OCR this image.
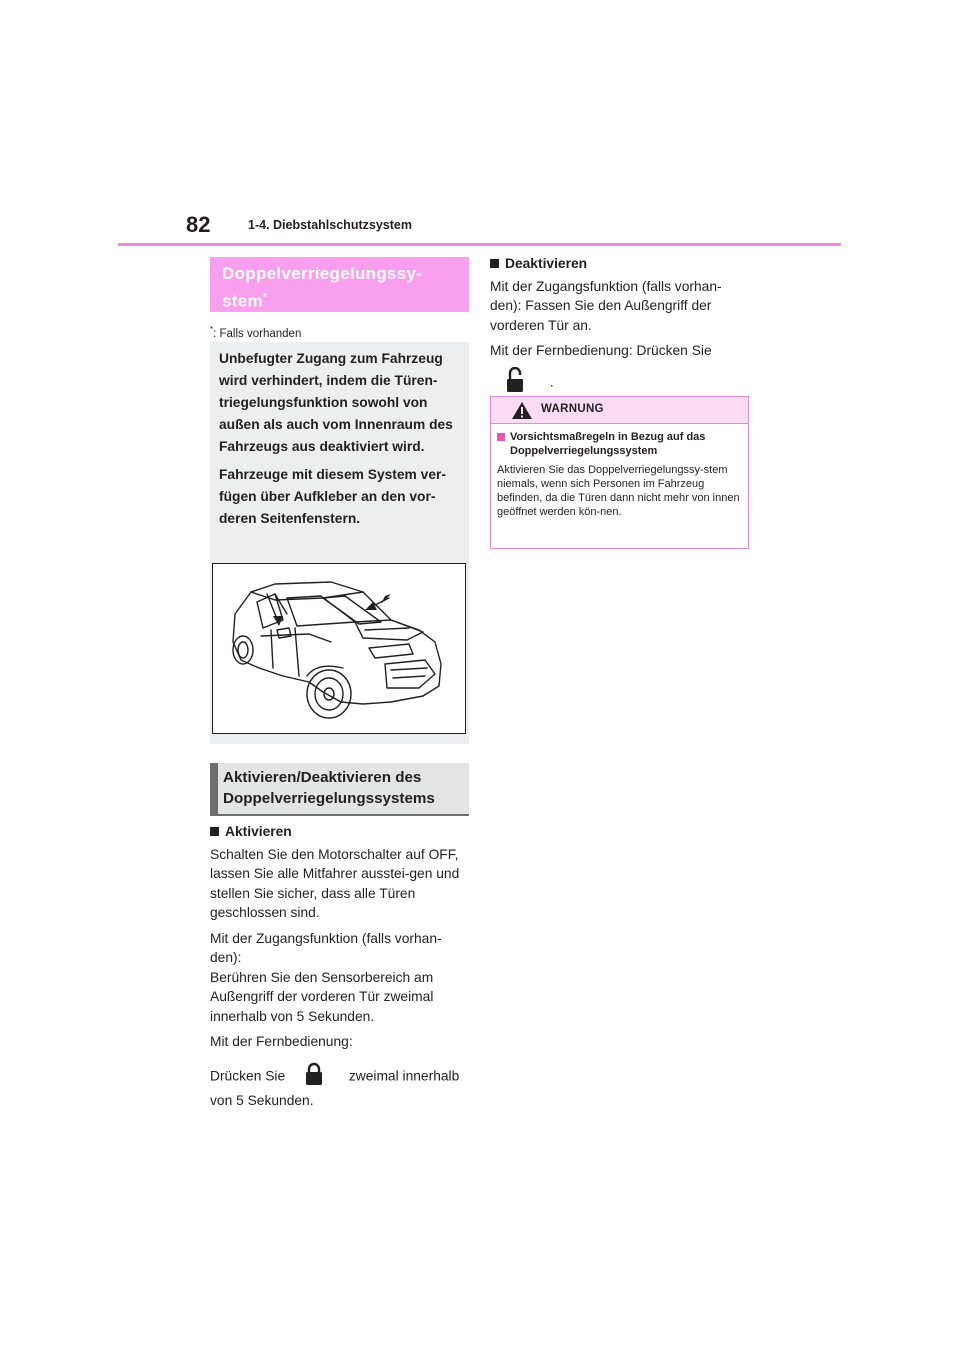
82	1-4. Diebstahlschutzsystem
Doppelverriegelungssy-
stem*
*: Falls vorhanden

Unbefugter Zugang zum Fahrzeug wird verhindert, indem die Türen-triegelungsfunktion sowohl von außen als auch vom Innenraum des Fahrzeugs aus deaktiviert wird.

Fahrzeuge mit diesem System ver-fügen über Aufkleber an den vor-deren Seitenfenstern.

Aktivieren/Deaktivieren des
Doppelverriegelungssystems
Aktivieren

Schalten Sie den Motorschalter auf OFF, lassen Sie alle Mitfahrer ausstei-gen und stellen Sie sicher, dass alle Türen geschlossen sind.

Mit der Zugangsfunktion (falls vorhan-den):
Berühren Sie den Sensorbereich am Außengriff der vorderen Tür zweimal innerhalb von 5 Sekunden.

Mit der Fernbedienung:

Drücken Sie	zweimal innerhalb
von 5 Sekunden.

Deaktivieren

Mit der Zugangsfunktion (falls vorhan-den): Fassen Sie den Außengriff der vorderen Tür an.

Mit der Fernbedienung: Drücken Sie

.

WARNUNG
Vorsichtsmaßregeln in Bezug auf das Doppelverriegelungssystem
Aktivieren Sie das Doppelverriegelungssy-stem niemals, wenn sich Personen im Fahrzeug befinden, da die Türen dann nicht mehr von innen geöffnet werden kön-nen.
